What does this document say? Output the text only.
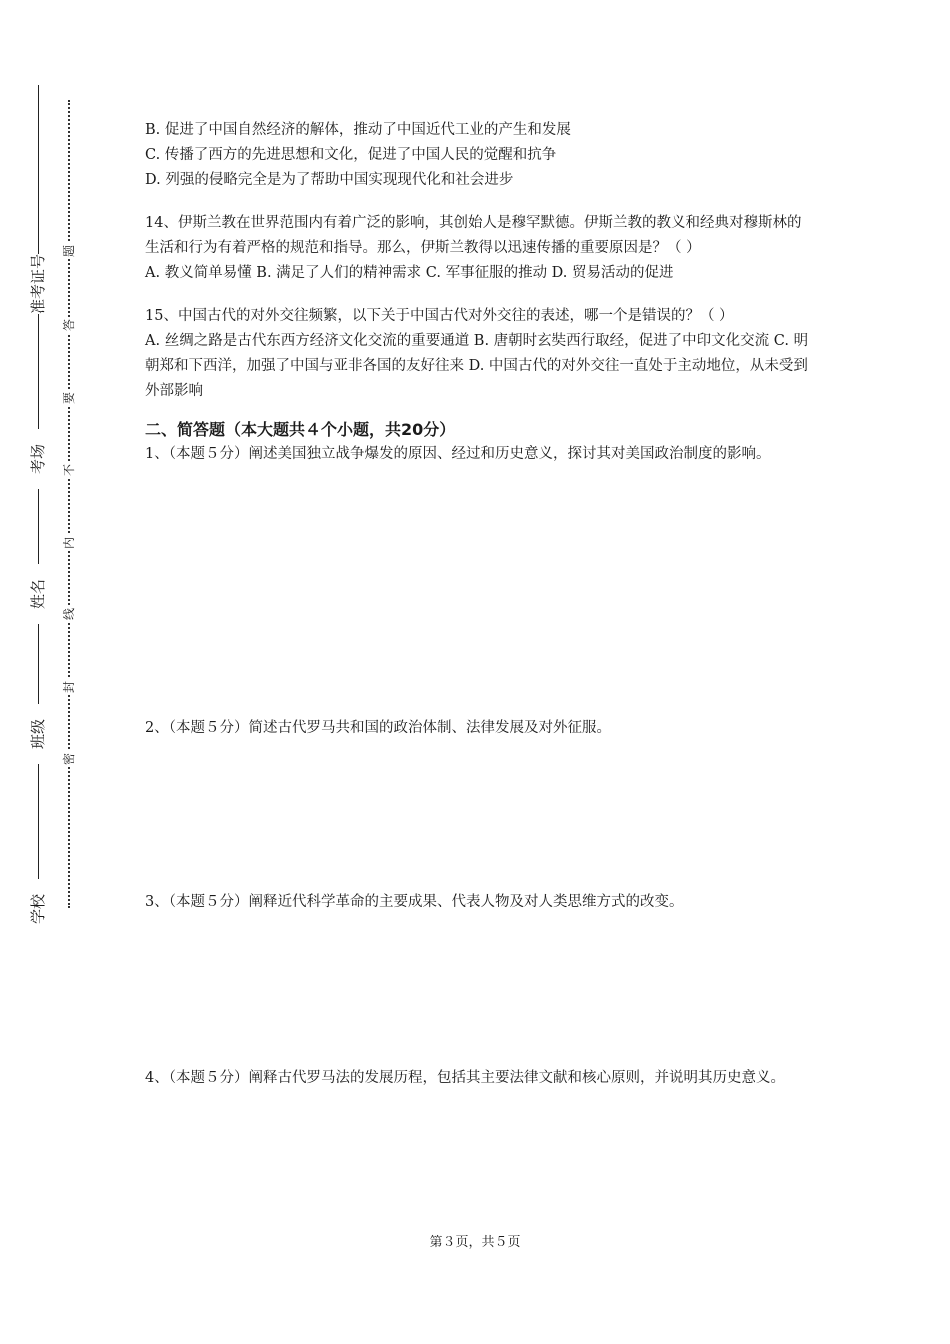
准考证号
考场
姓名
班级
学校
题
答
要
不
内
线
封
密

B. 促进了中国自然经济的解体，推动了中国近代工业的产生和发展

C. 传播了西方的先进思想和文化，促进了中国人民的觉醒和抗争

D. 列强的侵略完全是为了帮助中国实现现代化和社会进步

14、伊斯兰教在世界范围内有着广泛的影响，其创始人是穆罕默德。伊斯兰教的教义和经典对穆斯林的生活和行为有着严格的规范和指导。那么，伊斯兰教得以迅速传播的重要原因是？（ ）

A. 教义简单易懂 B. 满足了人们的精神需求 C. 军事征服的推动 D. 贸易活动的促进

15、中国古代的对外交往频繁，以下关于中国古代对外交往的表述，哪一个是错误的？（ ）

A. 丝绸之路是古代东西方经济文化交流的重要通道 B. 唐朝时玄奘西行取经，促进了中印文化交流 C. 明朝郑和下西洋，加强了中国与亚非各国的友好往来 D. 中国古代的对外交往一直处于主动地位，从未受到外部影响

二、简答题（本大题共４个小题，共20分）

1、（本题５分）阐述美国独立战争爆发的原因、经过和历史意义，探讨其对美国政治制度的影响。

2、（本题５分）简述古代罗马共和国的政治体制、法律发展及对外征服。
3、（本题５分）阐释近代科学革命的主要成果、代表人物及对人类思维方式的改变。
4、（本题５分）阐释古代罗马法的发展历程，包括其主要法律文献和核心原则，并说明其历史意义。
第３页，共５页
